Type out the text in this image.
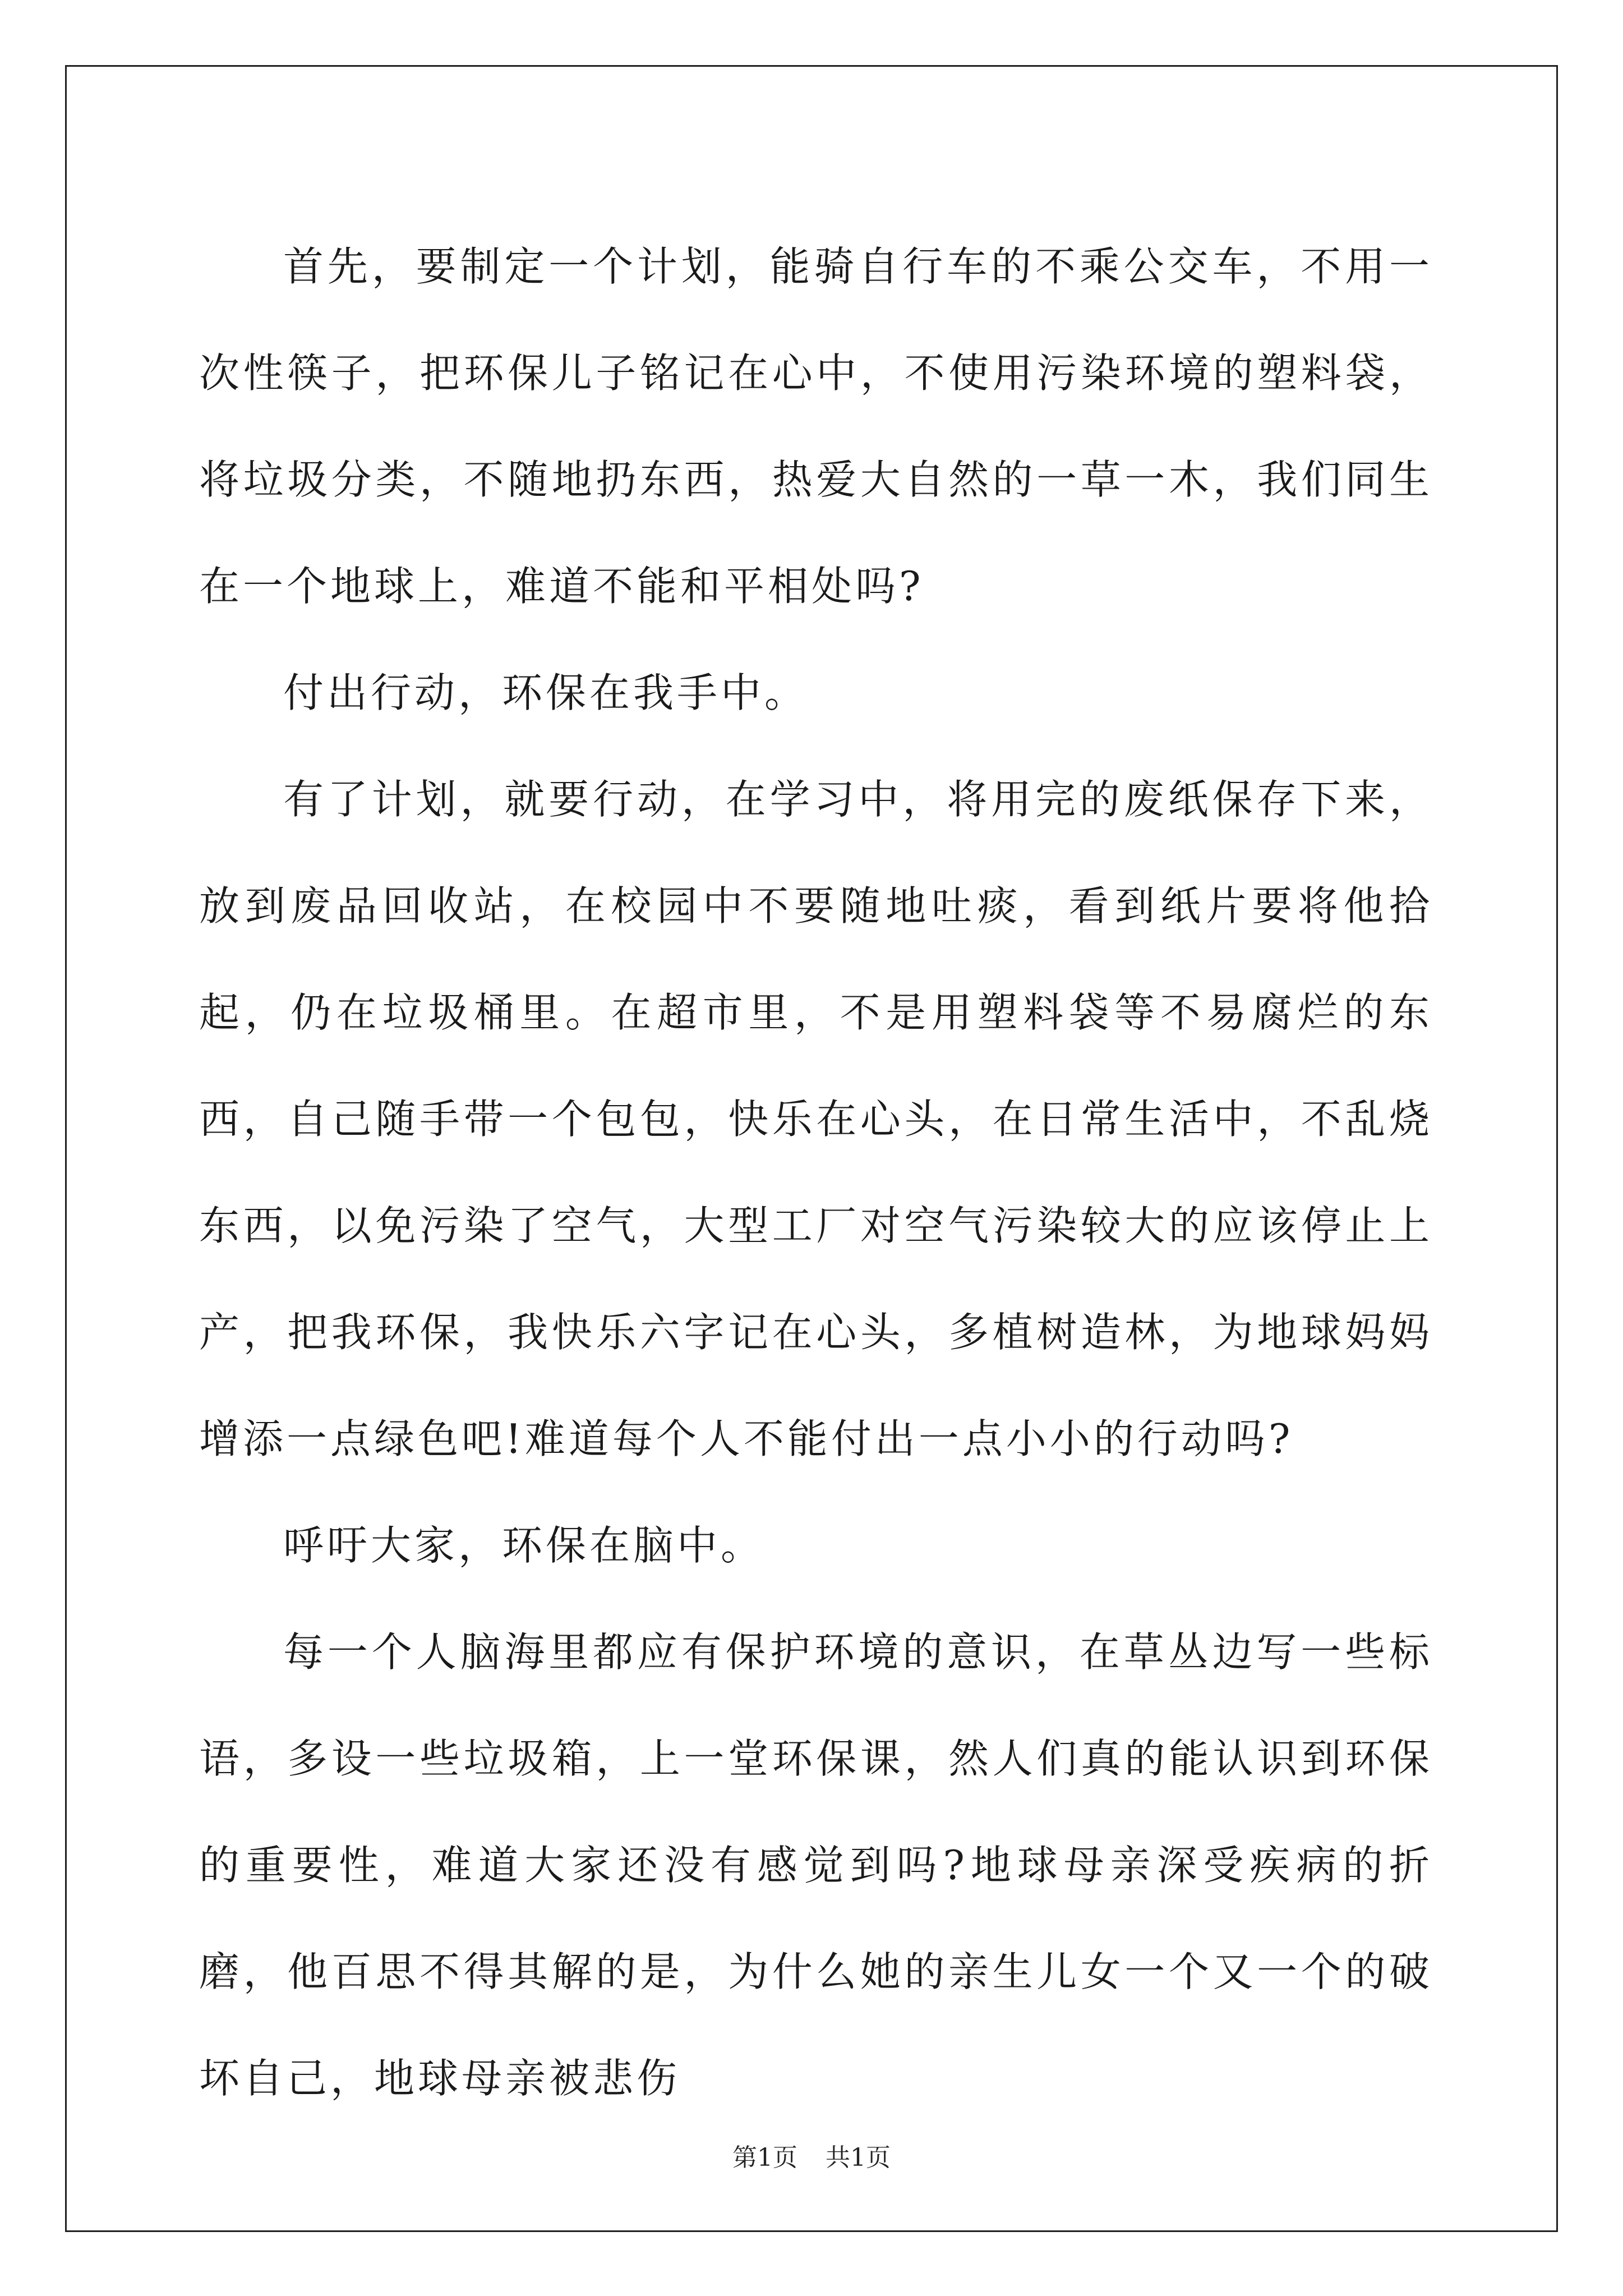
首先，要制定一个计划，能骑自行车的不乘公交车，不用一次性筷子，把环保儿子铭记在心中，不使用污染环境的塑料袋，将垃圾分类，不随地扔东西，热爱大自然的一草一木，我们同生在一个地球上，难道不能和平相处吗?

付出行动，环保在我手中。

有了计划，就要行动，在学习中，将用完的废纸保存下来，放到废品回收站，在校园中不要随地吐痰，看到纸片要将他拾起，仍在垃圾桶里。在超市里，不是用塑料袋等不易腐烂的东西，自己随手带一个包包，快乐在心头，在日常生活中，不乱烧东西，以免污染了空气，大型工厂对空气污染较大的应该停止上产，把我环保，我快乐六字记在心头，多植树造林，为地球妈妈增添一点绿色吧!难道每个人不能付出一点小小的行动吗?

呼吁大家，环保在脑中。

每一个人脑海里都应有保护环境的意识，在草丛边写一些标语，多设一些垃圾箱，上一堂环保课，然人们真的能认识到环保的重要性，难道大家还没有感觉到吗?地球母亲深受疾病的折磨，他百思不得其解的是，为什么她的亲生儿女一个又一个的破坏自己，地球母亲被悲伤

第1页 共1页
